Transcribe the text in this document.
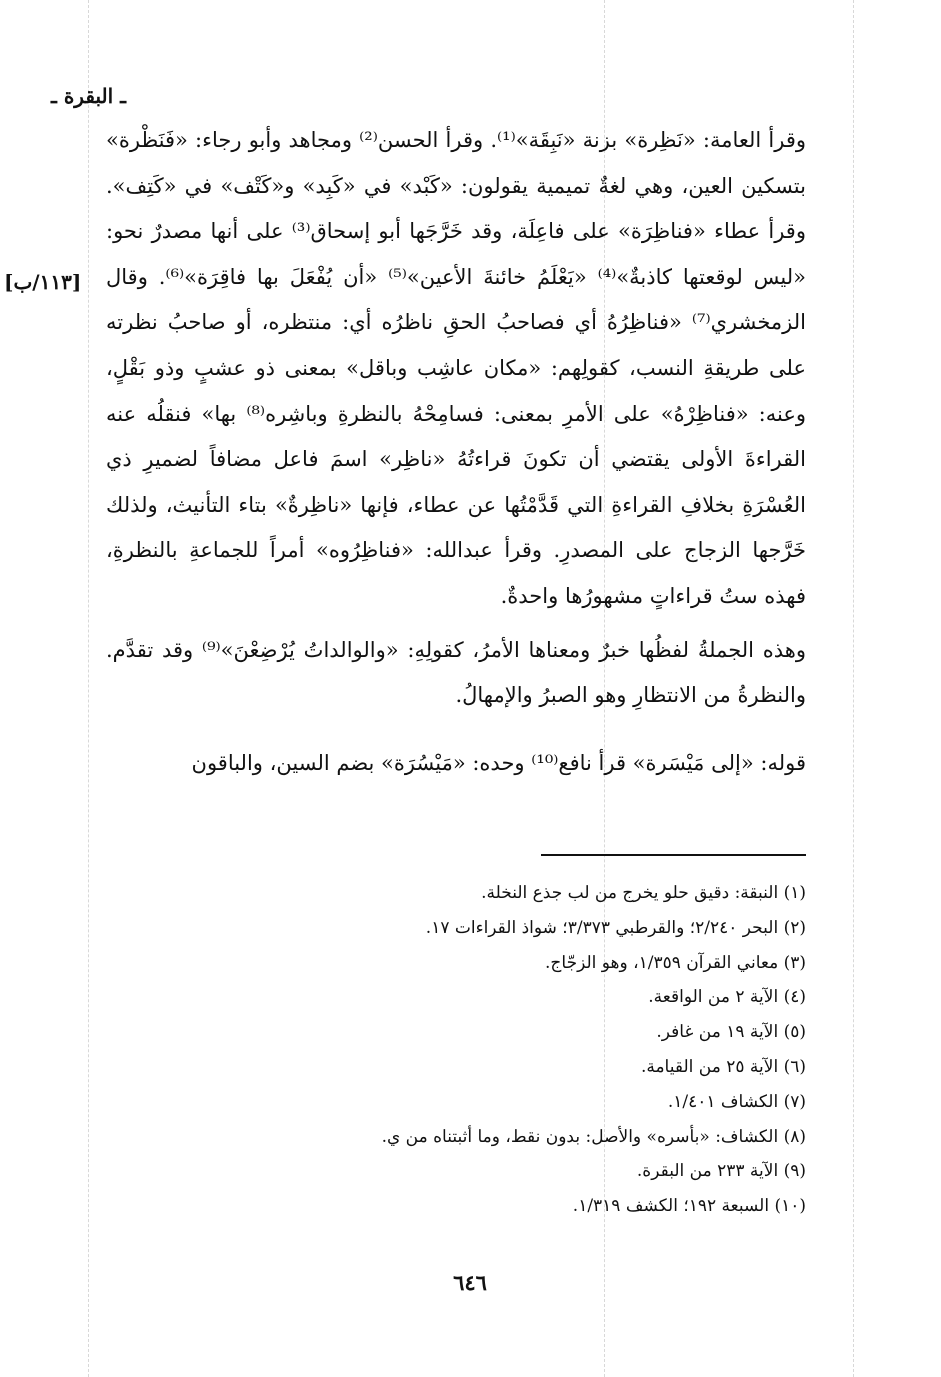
ـ البقرة ـ

وقرأ العامة: «نَظِرة» بزنة «نَبِقَة»⁽¹⁾. وقرأ الحسن⁽²⁾ ومجاهد وأبو رجاء: «فَنَظْرة» بتسكين العين، وهي لغةٌ تميمية يقولون: «كَبْد» في «كَبِد» و«كَتْف» في «كَتِف». وقرأ عطاء «فناظِرَة» على فاعِلَة، وقد خَرَّجَها أبو إسحاق⁽³⁾ على أنها مصدرٌ نحو: «ليس لوقعتها كاذبةٌ»⁽⁴⁾ «يَعْلَمُ خائنةَ الأعين»⁽⁵⁾ «أن يُفْعَلَ بها فاقِرَة»⁽⁶⁾. وقال الزمخشري⁽⁷⁾ «فناظِرُهُ أي فصاحبُ الحقِ ناظرُه أي: منتظره، أو صاحبُ نظرته على طريقةِ النسب، كقولِهم: «مكان عاشِب وباقل» بمعنى ذو عشبٍ وذو بَقْلٍ، وعنه: «فناظِرْهُ» على الأمرِ بمعنى: فسامِحْهُ بالنظرةِ وباشِره⁽⁸⁾ بها» فنقلُه عنه القراءةَ الأولى يقتضي أن تكونَ قراءتُهُ «ناظِر» اسمَ فاعل مضافاً لضميرِ ذي العُسْرَةِ بخلافِ القراءةِ التي قَدَّمْتُها عن عطاء، فإنها «ناظِرةٌ» بتاء التأنيث، ولذلك خَرَّجها الزجاج على المصدرِ. وقرأ عبدالله: «فناظِرُوه» أمراً للجماعةِ بالنظرةِ، فهذه ستُ قراءاتٍ مشهورُها واحدةٌ.

وهذه الجملةُ لفظُها خبرٌ ومعناها الأمرُ، كقولِهِ: «والوالداتُ يُرْضِعْنَ»⁽⁹⁾ وقد تقدَّم. والنظرةُ من الانتظارِ وهو الصبرُ والإمهالُ.

قوله: «إلى مَيْسَرة» قرأ نافع⁽¹⁰⁾ وحده: «مَيْسُرَة» بضم السين، والباقون

[١١٣/ب]
(١) النبقة: دقيق حلو يخرج من لب جذع النخلة.
(٢) البحر ٢/٢٤٠؛ والقرطبي ٣/٣٧٣؛ شواذ القراءات ١٧.
(٣) معاني القرآن ١/٣٥٩، وهو الزجّاج.
(٤) الآية ٢ من الواقعة.
(٥) الآية ١٩ من غافر.
(٦) الآية ٢٥ من القيامة.
(٧) الكشاف ١/٤٠١.
(٨) الكشاف: «بأسره» والأصل: بدون نقط، وما أثبتناه من ي.
(٩) الآية ٢٣٣ من البقرة.
(١٠) السبعة ١٩٢؛ الكشف ١/٣١٩.
٦٤٦
